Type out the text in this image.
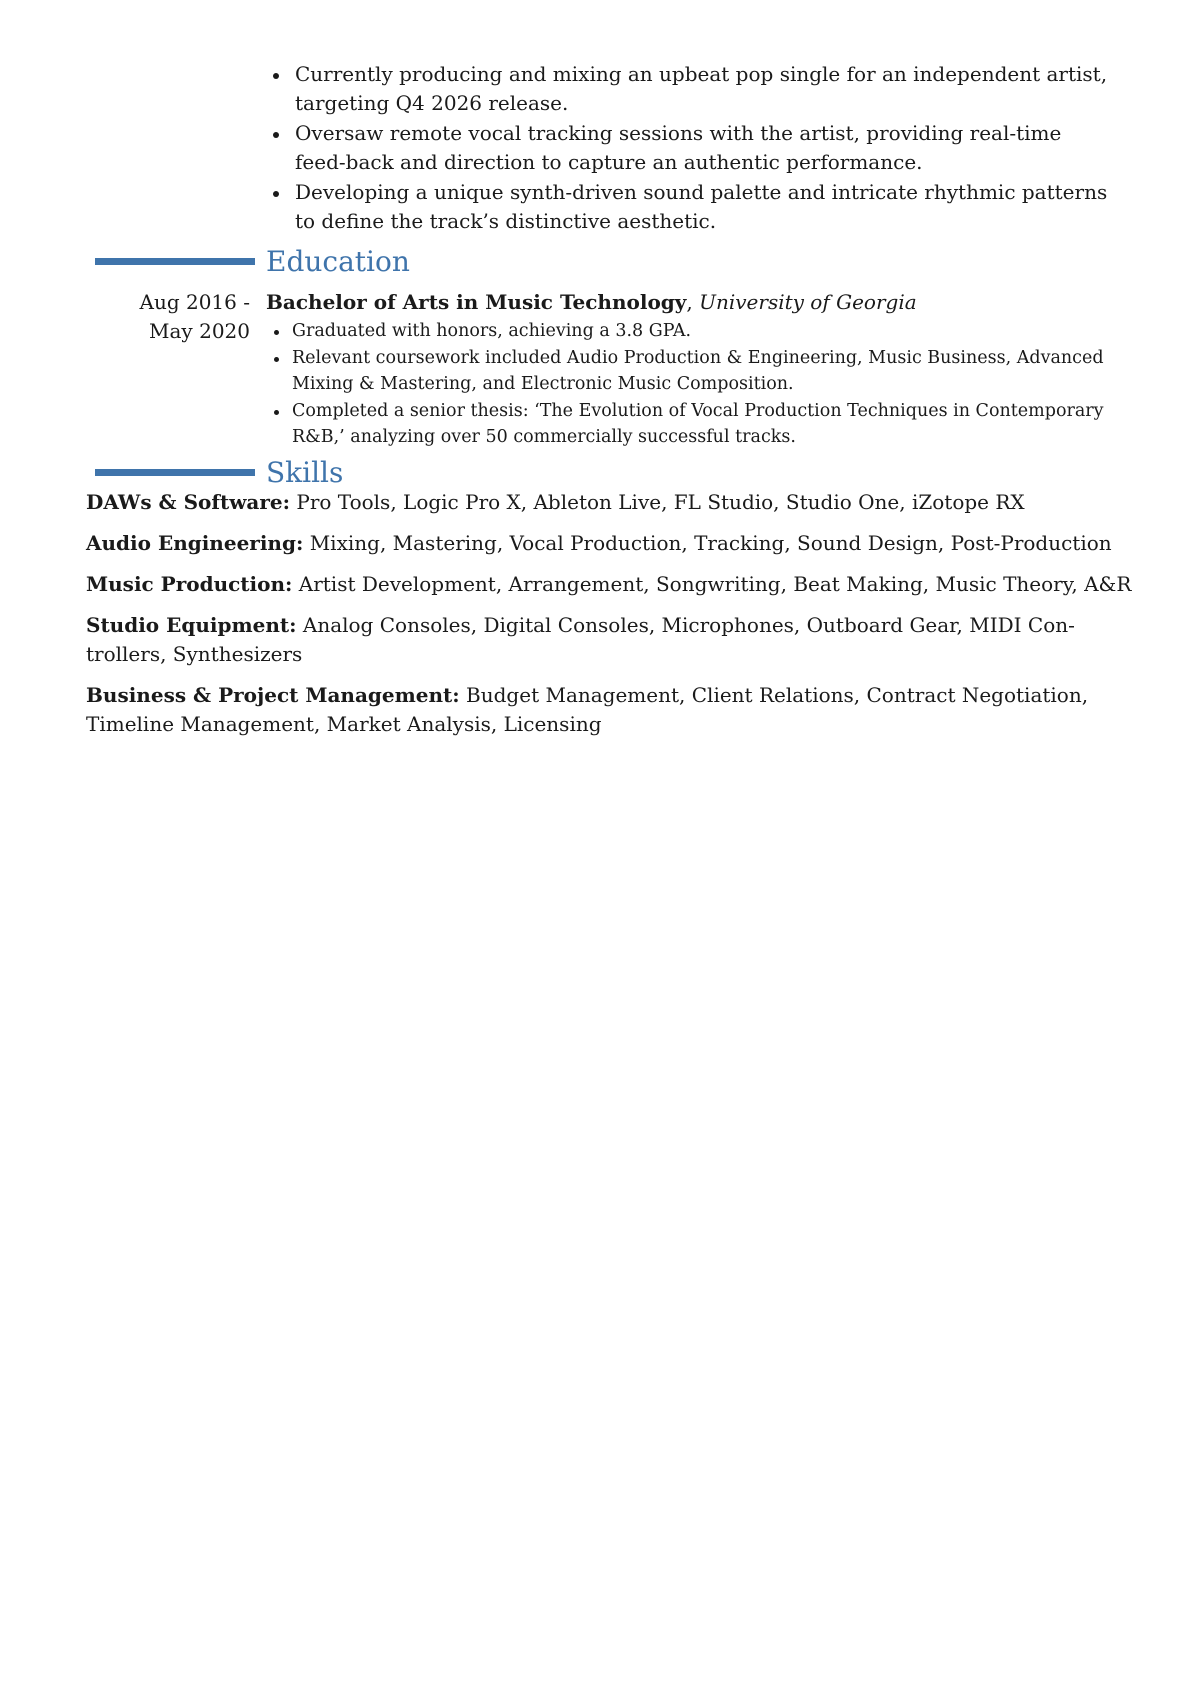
Currently producing and mixing an upbeat pop single for an independent artist, targeting Q4 2026 release.
Oversaw remote vocal tracking sessions with the artist, providing real-time feed-back and direction to capture an authentic performance.
Developing a unique synth-driven sound palette and intricate rhythmic patterns to define the track’s distinctive aesthetic.
Education
Aug 2016 -
May 2020
Bachelor of Arts in Music Technology, University of Georgia
Graduated with honors, achieving a 3.8 GPA.
Relevant coursework included Audio Production & Engineering, Music Business, Advanced Mixing & Mastering, and Electronic Music Composition.
Completed a senior thesis: ‘The Evolution of Vocal Production Techniques in Contemporary R&B,’ analyzing over 50 commercially successful tracks.
Skills
DAWs & Software: Pro Tools, Logic Pro X, Ableton Live, FL Studio, Studio One, iZotope RX
Audio Engineering: Mixing, Mastering, Vocal Production, Tracking, Sound Design, Post-Production
Music Production: Artist Development, Arrangement, Songwriting, Beat Making, Music Theory, A&R
Studio Equipment: Analog Consoles, Digital Consoles, Microphones, Outboard Gear, MIDI Con-trollers, Synthesizers
Business & Project Management: Budget Management, Client Relations, Contract Negotiation, Timeline Management, Market Analysis, Licensing
